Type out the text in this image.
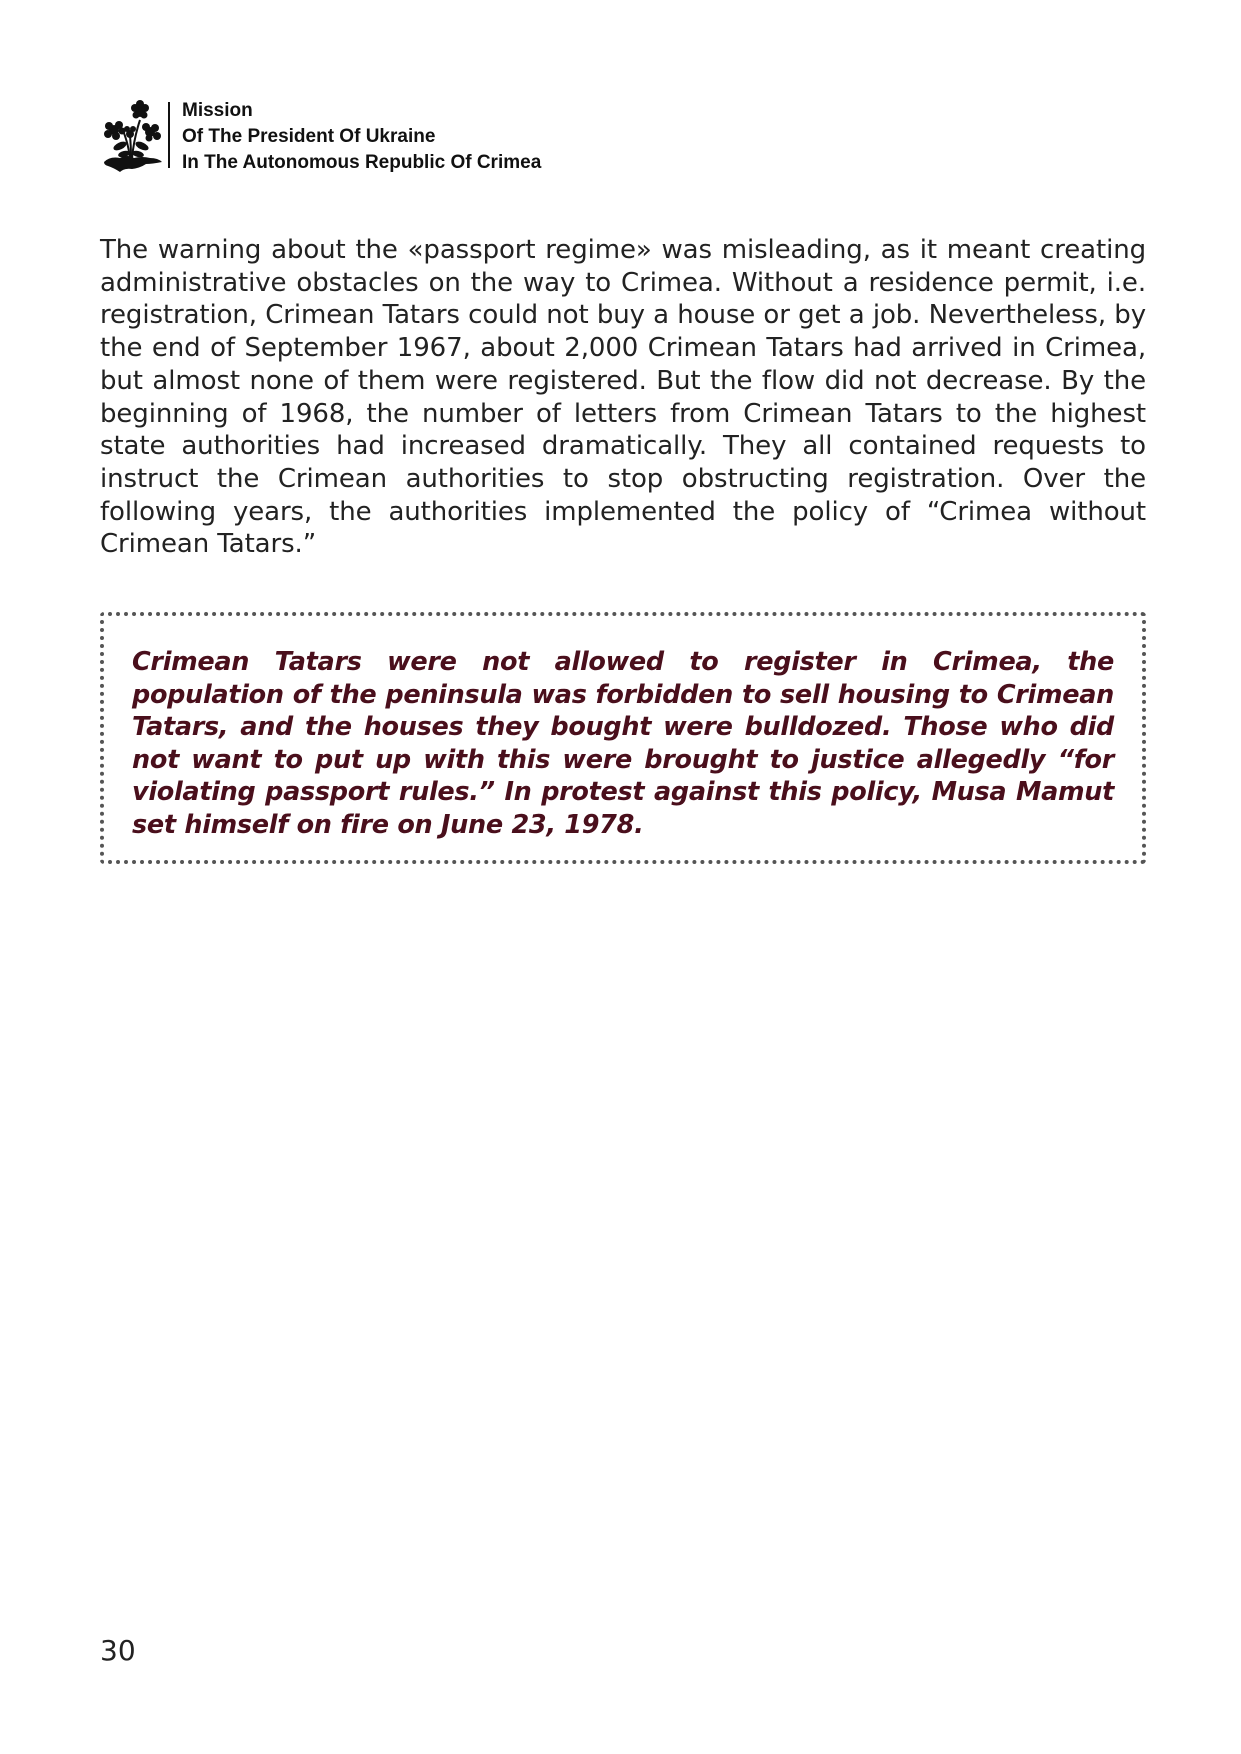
Mission
Of The President Of Ukraine
In The Autonomous Republic Of Crimea

The warning about the «passport regime» was misleading, as it meant creating administrative obstacles on the way to Crimea. Without a residence permit, i.e. registration, Crimean Tatars could not buy a house or get a job. Nevertheless, by the end of September 1967, about 2,000 Crimean Tatars had arrived in Crimea, but almost none of them were registered. But the flow did not decrease. By the beginning of 1968, the number of letters from Crimean Tatars to the highest state authorities had increased dramatically. They all contained requests to instruct the Crimean authorities to stop obstructing registration. Over the following years, the authorities implemented the policy of “Crimea without Crimean Tatars.”

Crimean Tatars were not allowed to register in Crimea, the population of the peninsula was forbidden to sell housing to Crimean Tatars, and the houses they bought were bulldozed. Those who did not want to put up with this were brought to justice allegedly “for violating passport rules.” In protest against this policy, Musa Mamut set himself on fire on June 23, 1978.

30
